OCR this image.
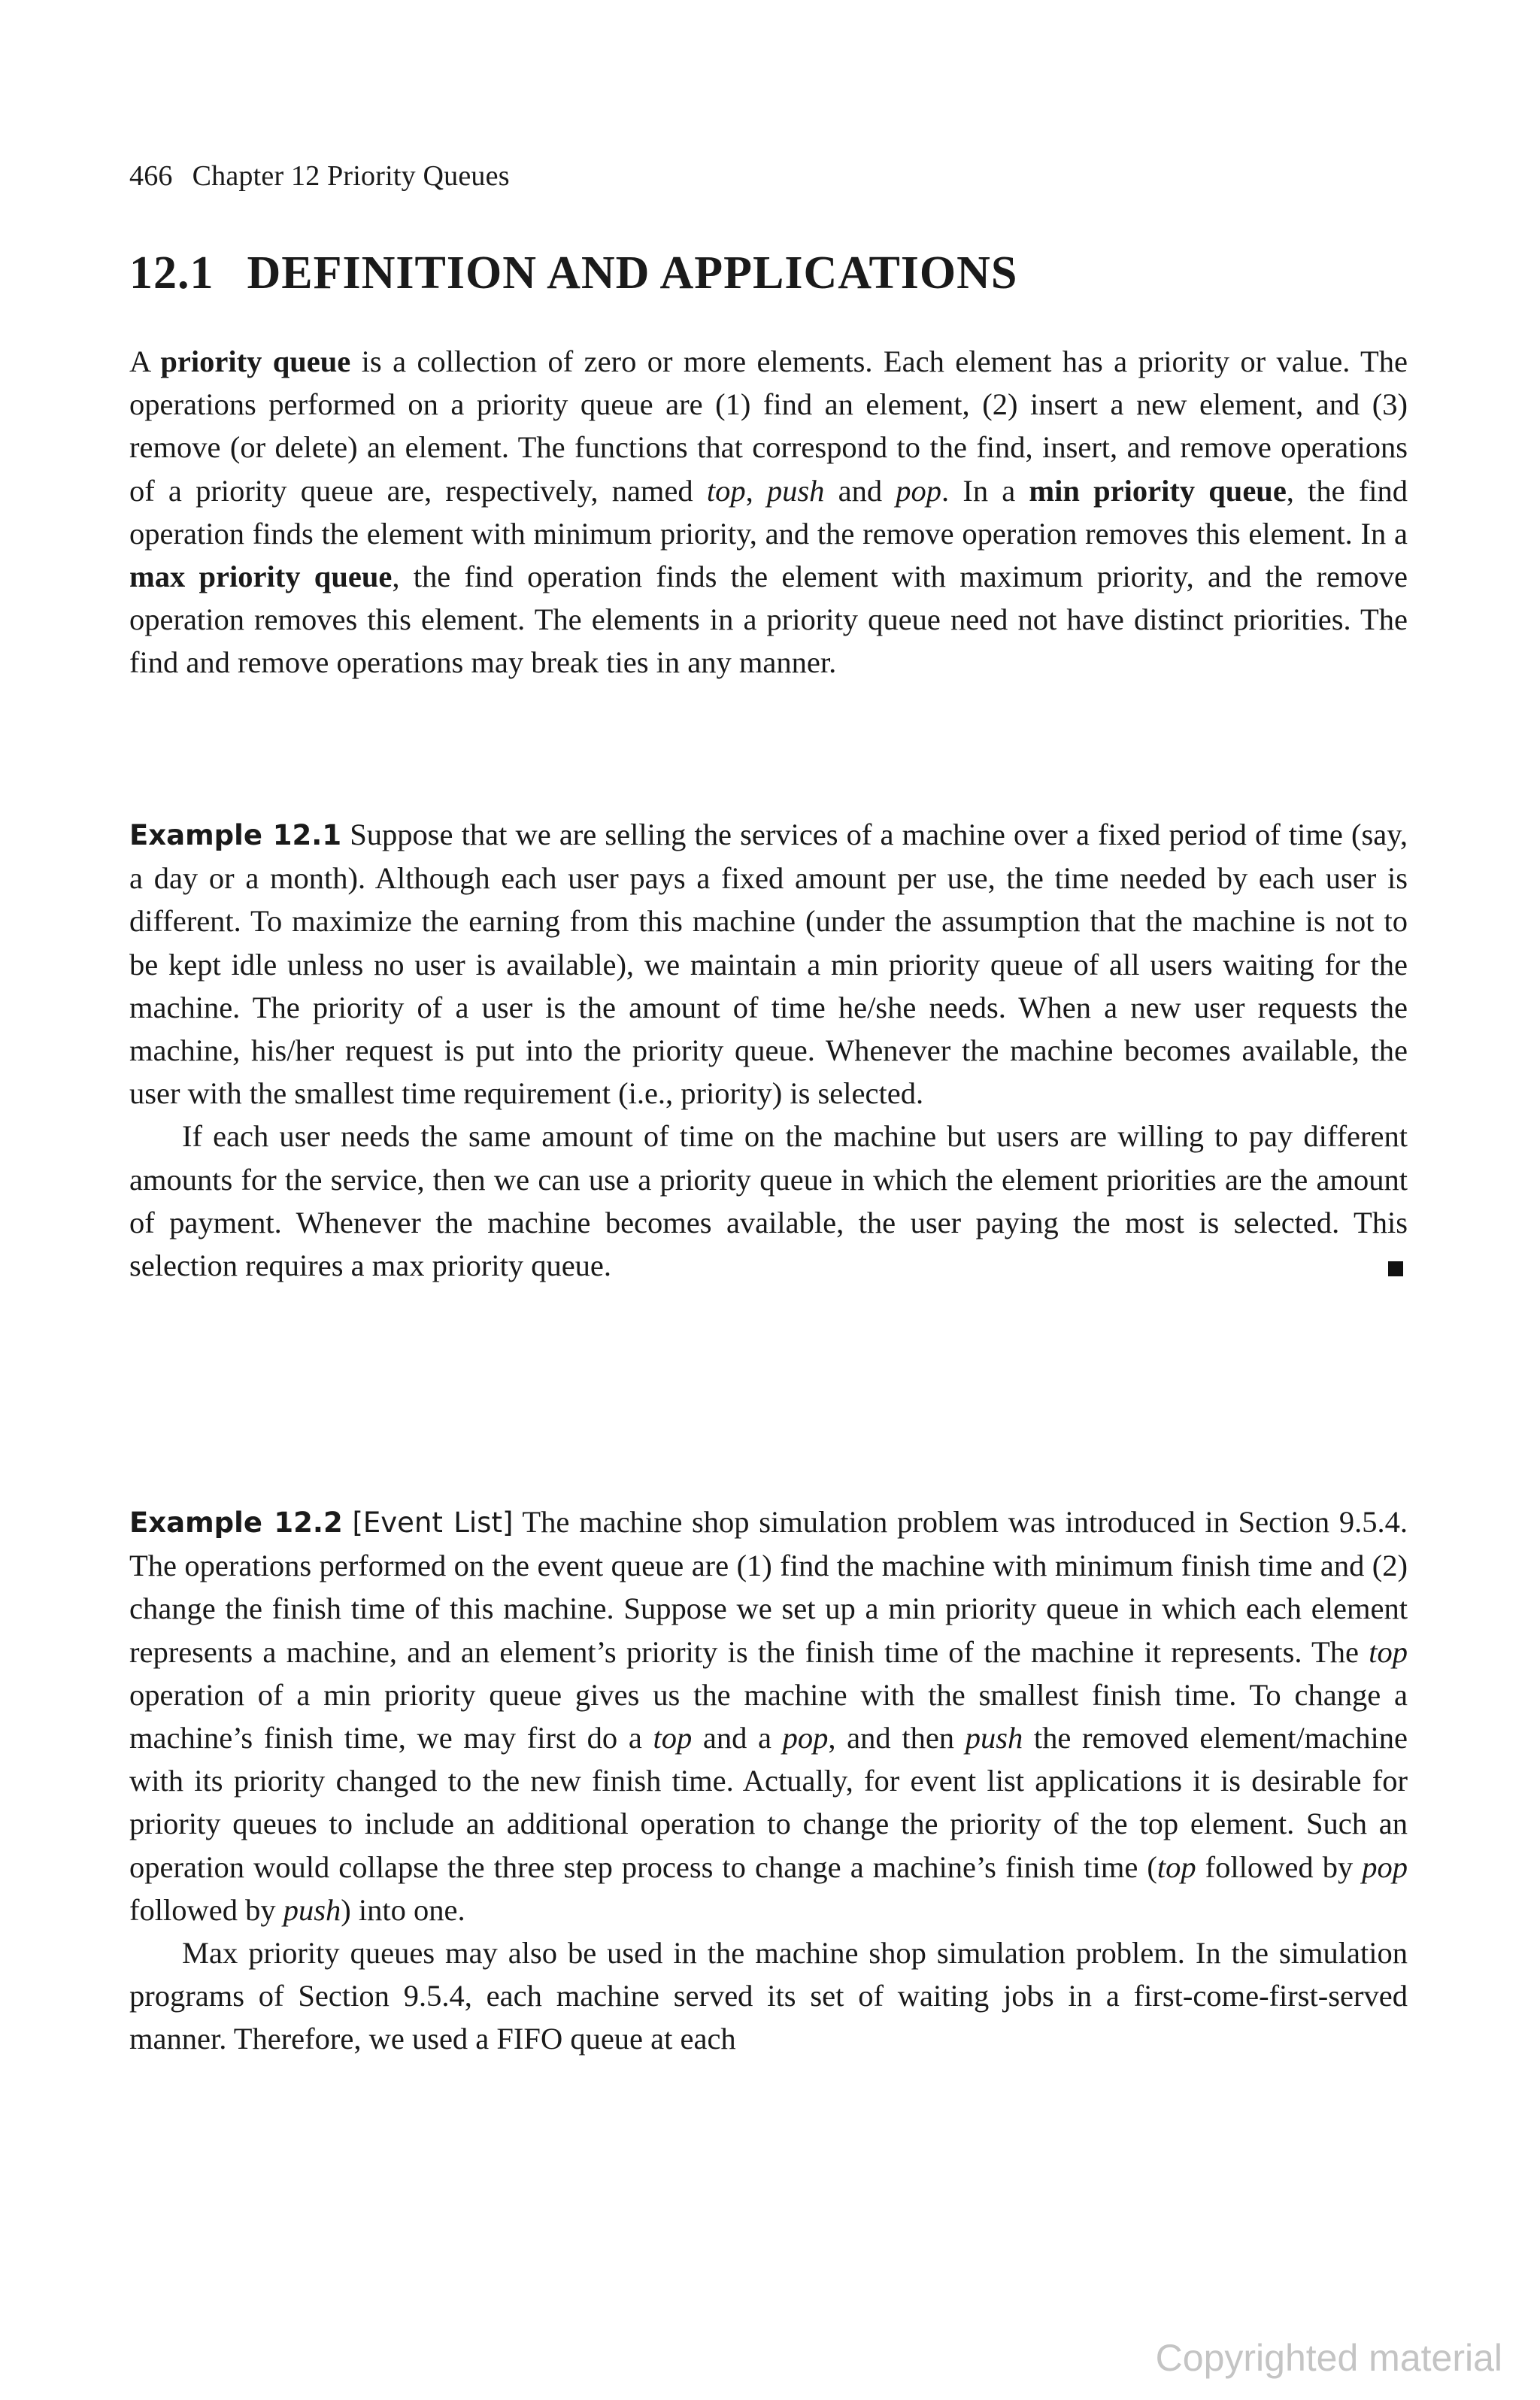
466 Chapter 12 Priority Queues
12.1 DEFINITION AND APPLICATIONS

A priority queue is a collection of zero or more elements. Each element has a priority or value. The operations performed on a priority queue are (1) find an element, (2) insert a new element, and (3) remove (or delete) an element. The functions that correspond to the find, insert, and remove operations of a priority queue are, respectively, named top, push and pop. In a min priority queue, the find operation finds the element with minimum priority, and the remove operation removes this element. In a max priority queue, the find operation finds the element with maximum priority, and the remove operation removes this element. The elements in a priority queue need not have distinct priorities. The find and remove operations may break ties in any manner.

Example 12.1 Suppose that we are selling the services of a machine over a fixed period of time (say, a day or a month). Although each user pays a fixed amount per use, the time needed by each user is different. To maximize the earning from this machine (under the assumption that the machine is not to be kept idle unless no user is available), we maintain a min priority queue of all users waiting for the machine. The priority of a user is the amount of time he/she needs. When a new user requests the machine, his/her request is put into the priority queue. Whenever the machine becomes available, the user with the smallest time requirement (i.e., priority) is selected.

If each user needs the same amount of time on the machine but users are willing to pay different amounts for the service, then we can use a priority queue in which the element priorities are the amount of payment. Whenever the machine becomes available, the user paying the most is selected. This selection requires a max priority queue.

Example 12.2 [Event List] The machine shop simulation problem was introduced in Section 9.5.4. The operations performed on the event queue are (1) find the machine with minimum finish time and (2) change the finish time of this machine. Suppose we set up a min priority queue in which each element represents a machine, and an element’s priority is the finish time of the machine it represents. The top operation of a min priority queue gives us the machine with the smallest finish time. To change a machine’s finish time, we may first do a top and a pop, and then push the removed element/machine with its priority changed to the new finish time. Actually, for event list applications it is desirable for priority queues to include an additional operation to change the priority of the top element. Such an operation would collapse the three step process to change a machine’s finish time (top followed by pop followed by push) into one.

Max priority queues may also be used in the machine shop simulation problem. In the simulation programs of Section 9.5.4, each machine served its set of waiting jobs in a first-come-first-served manner. Therefore, we used a FIFO queue at each

Copyrighted material
